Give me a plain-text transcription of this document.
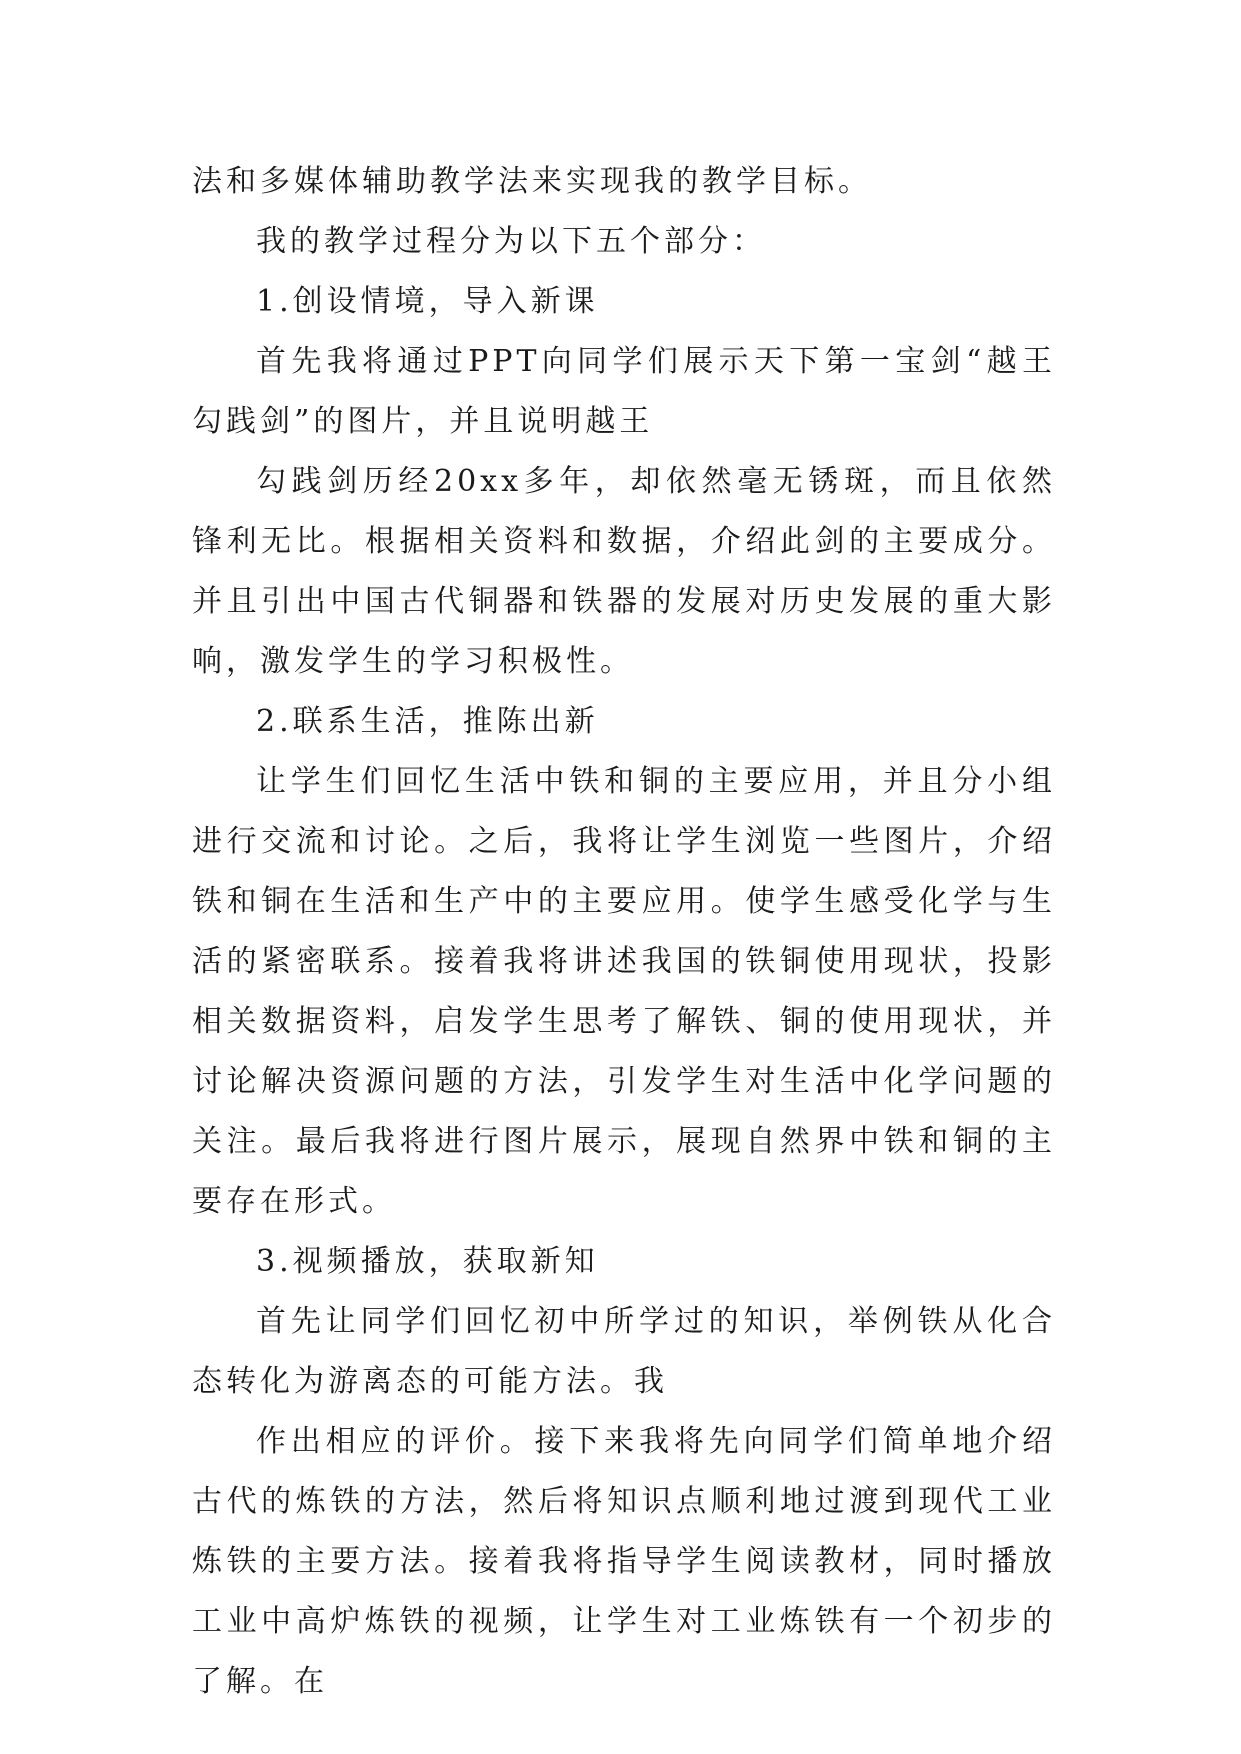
法和多媒体辅助教学法来实现我的教学目标。

我的教学过程分为以下五个部分：

1.创设情境，导入新课

首先我将通过PPT向同学们展示天下第一宝剑“越王勾践剑”的图片，并且说明越王

勾践剑历经20xx多年，却依然毫无锈斑，而且依然锋利无比。根据相关资料和数据，介绍此剑的主要成分。并且引出中国古代铜器和铁器的发展对历史发展的重大影响，激发学生的学习积极性。

2.联系生活，推陈出新

让学生们回忆生活中铁和铜的主要应用，并且分小组进行交流和讨论。之后，我将让学生浏览一些图片，介绍铁和铜在生活和生产中的主要应用。使学生感受化学与生活的紧密联系。接着我将讲述我国的铁铜使用现状，投影相关数据资料，启发学生思考了解铁、铜的使用现状，并讨论解决资源问题的方法，引发学生对生活中化学问题的关注。最后我将进行图片展示，展现自然界中铁和铜的主要存在形式。

3.视频播放，获取新知

首先让同学们回忆初中所学过的知识，举例铁从化合态转化为游离态的可能方法。我

作出相应的评价。接下来我将先向同学们简单地介绍古代的炼铁的方法，然后将知识点顺利地过渡到现代工业炼铁的主要方法。接着我将指导学生阅读教材，同时播放工业中高炉炼铁的视频，让学生对工业炼铁有一个初步的了解。在
